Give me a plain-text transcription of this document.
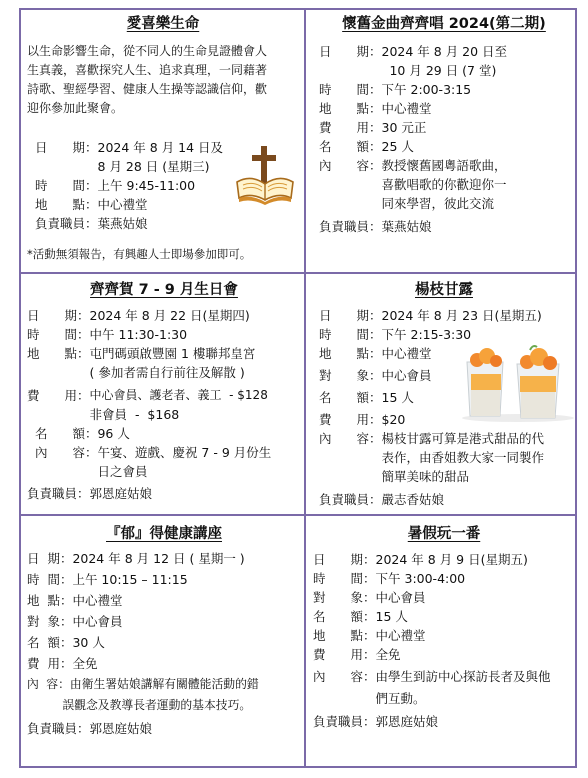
愛喜樂生命
以生命影響生命，從不同人的生命見證體會人
生真義，喜歡探究人生、追求真理，一同藉著
詩歌、聖經學習、健康人生操等認識信仰，歡
迎你參加此聚會。
日　　期： 2024 年 8 月 14 日及

8 月 28 日 (星期三)
時　　間： 上午 9:45-11:00
地　　點： 中心禮堂
負責職員： 葉燕姑娘
*活動無須報告，有興趣人士即場參加即可。
懷舊金曲齊齊唱 2024(第二期)
日　　期： 2024 年 8 月 20 日至

10 月 29 日 (7 堂)
時　　間： 下午 2:00-3:15
地　　點： 中心禮堂
費　　用： 30 元正
名　　額： 25 人
內　　容： 教授懷舊國粵語歌曲，

喜歡唱歌的你歡迎你一

同來學習，彼此交流
負責職員： 葉燕姑娘
齊齊賀 7 - 9 月生日會
日　　期： 2024 年 8 月 22 日(星期四)
時　　間： 中午 11:30-1:30
地　　點： 屯門碼頭啟豐園 1 樓聯邦皇宮

( 參加者需自行前往及解散 )
費　　用： 中心會員、護老者、義工  - $128

非會員  -  $168
名　　額： 96 人
內　　容： 午宴、遊戲、慶祝 7 - 9 月份生

日之會員
負責職員： 郭恩庭姑娘
楊枝甘露
日　　期： 2024 年 8 月 23 日(星期五)
時　　間： 下午 2:15-3:30
地　　點： 中心禮堂
對　　象： 中心會員
名　　額： 15 人
費　　用： $20
內　　容： 楊枝甘露可算是港式甜品的代

表作，由香姐教大家一同製作

簡單美味的甜品
負責職員： 嚴志香姑娘
『郁』得健康講座
日  期： 2024 年 8 月 12 日 ( 星期一 )
時  間： 上午 10:15 – 11:15
地  點： 中心禮堂
對  象： 中心會員
名  額： 30 人
費  用： 全免
內  容： 由衛生署姑娘講解有關體能活動的錯

誤觀念及教導長者運動的基本技巧。
負責職員： 郭恩庭姑娘
暑假玩一番
日　　期： 2024 年 8 月 9 日(星期五)
時　　間： 下午 3:00-4:00
對　　象： 中心會員
名　　額： 15 人
地　　點： 中心禮堂
費　　用： 全免
內　　容： 由學生到訪中心探訪長者及與他

們互動。
負責職員： 郭恩庭姑娘
